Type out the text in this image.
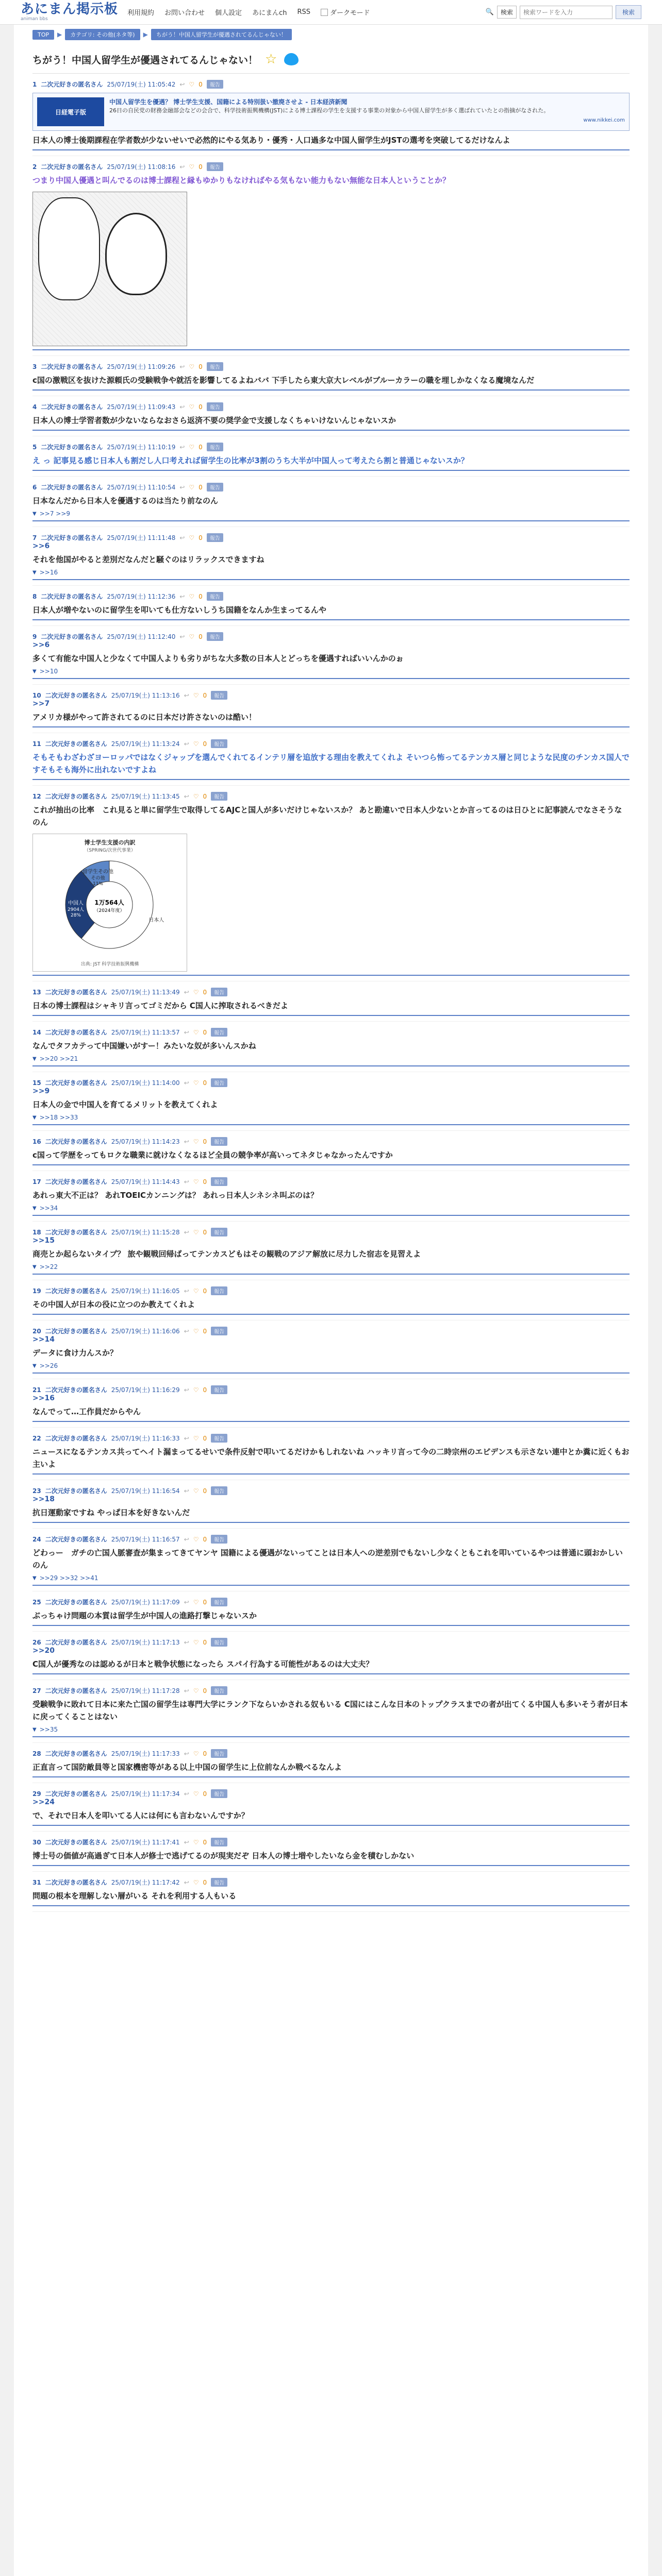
あにまん掲示板
animan bbs
利用規約 お問い合わせ 個人設定 あにまんch RSS	ダークモード	🔍	検索
検索ワードを入力	検索
TOP	▶	カテゴリ: その他(ネタ等)	▶	ちがう！中国人留学生が優遇されてるんじゃない！
ちがう！中国人留学生が優遇されてるんじゃない！ ☆
1 二次元好きの匿名さん 25/07/19(土) 11:05:42 ↩ ♡ 0	報告
日経電子版
中国人留学生を優遇？ 博士学生支援、国籍による特別扱い撤廃させよ - 日本経済新聞
26日の自民党の財務金融部会などの会合で、科学技術振興機構(JST)による博士課程の学生を支援する事業の対象から中国人留学生が多く選ばれていたとの指摘がなされた。
www.nikkei.com
日本人の博士後期課程在学者数が少ないせいで必然的にやる気あり・優秀・人口過多な中国人留学生がJSTの選考を突破してるだけなんよ
2 二次元好きの匿名さん 25/07/19(土) 11:08:16 ↩ ♡ 0	報告
つまり中国人優遇と叫んでるのは博士課程と縁もゆかりもなければやる気もない能力もない無能な日本人ということか？
3 二次元好きの匿名さん 25/07/19(土) 11:09:26 ↩ ♡ 0	報告
c国の激戦区を抜けた源頼氏の受験戦争や就活を影響してるよねババ 下手したら東大京大レベルがブルーカラーの職を埋しかなくなる魔境なんだ
4 二次元好きの匿名さん 25/07/19(土) 11:09:43 ↩ ♡ 0	報告
日本人の博士学習者数が少ないならなおさら返済不要の奨学金で支援しなくちゃいけないんじゃないスか
5 二次元好きの匿名さん 25/07/19(土) 11:10:19 ↩ ♡ 0	報告
え っ 記事見る感じ日本人も割だし人口考えれば留学生の比率が3割のうち大半が中国人って考えたら割と普通じゃないスか？
6 二次元好きの匿名さん 25/07/19(土) 11:10:54 ↩ ♡ 0	報告
日本なんだから日本人を優遇するのは当たり前なのん
▼ >>7 >>9
7 二次元好きの匿名さん 25/07/19(土) 11:11:48 ↩ ♡ 0	報告
>>6
それを他国がやると差別だなんだと騒ぐのはリラックスできますね
▼ >>16
8 二次元好きの匿名さん 25/07/19(土) 11:12:36 ↩ ♡ 0	報告
日本人が増やないのに留学生を叩いても仕方ないしうち国籍をなんか生まってるんや
9 二次元好きの匿名さん 25/07/19(土) 11:12:40 ↩ ♡ 0	報告
>>6
多くて有能な中国人と少なくて中国人よりも劣りがちな大多数の日本人とどっちを優遇すればいいんかのぉ
▼ >>10
10 二次元好きの匿名さん 25/07/19(土) 11:13:16 ↩ ♡ 0	報告
>>7
アメリカ様がやって許されてるのに日本だけ許さないのは酷い！
11 二次元好きの匿名さん 25/07/19(土) 11:13:24 ↩ ♡ 0	報告
そもそもわざわざヨーロッパではなくジャップを選んでくれてるインテリ層を追放する理由を教えてくれよ そいつら怖ってるテンカス層と同じような民度のチンカス国人ですそもそも海外に出れないですよね
12 二次元好きの匿名さん 25/07/19(土) 11:13:45 ↩ ♡ 0	報告
これが抽出の比率　これ見ると単に留学生で取得してるAJCと国人が多いだけじゃないスか？ あと勘違いで日本人少ないとか言ってるのは日ひとに記事読んでなさそうなのん
博士学生支援の内訳
（SPRING/次世代事業）
日本人
中国人
2904人
28%
留学生その他
その他
11%
1万564人
（2024年度）
出典: JST 科学技術振興機構
13 二次元好きの匿名さん 25/07/19(土) 11:13:49 ↩ ♡ 0	報告
日本の博士課程はシャキリ言ってゴミだから C国人に搾取されるべきだよ
14 二次元好きの匿名さん 25/07/19(土) 11:13:57 ↩ ♡ 0	報告
なんでタフカテって中国嫌いがすー！みたいな奴が多いんスかね
▼ >>20 >>21
15 二次元好きの匿名さん 25/07/19(土) 11:14:00 ↩ ♡ 0	報告
>>9
日本人の金で中国人を育てるメリットを教えてくれよ
▼ >>18 >>33
16 二次元好きの匿名さん 25/07/19(土) 11:14:23 ↩ ♡ 0	報告
c国って学歴をってもロクな職業に就けなくなるほど全員の競争率が高いってネタじゃなかったんですか
17 二次元好きの匿名さん 25/07/19(土) 11:14:43 ↩ ♡ 0	報告
あれっ東大不正は？ あれTOEICカンニングは？ あれっ日本人シネシネ叫ぶのは？
▼ >>34
18 二次元好きの匿名さん 25/07/19(土) 11:15:28 ↩ ♡ 0	報告
>>15
商売とか起らないタイプ？ 旅や観戦回帰ばってテンカスどもはその観戦のアジア解放に尽力した宿志を見習えよ
▼ >>22
19 二次元好きの匿名さん 25/07/19(土) 11:16:05 ↩ ♡ 0	報告
その中国人が日本の役に立つのか教えてくれよ
20 二次元好きの匿名さん 25/07/19(土) 11:16:06 ↩ ♡ 0	報告
>>14
データに食け力んスか？
▼ >>26
21 二次元好きの匿名さん 25/07/19(土) 11:16:29 ↩ ♡ 0	報告
>>16
なんでって…工作員だからやん
22 二次元好きの匿名さん 25/07/19(土) 11:16:33 ↩ ♡ 0	報告
ニュースになるテンカス共ってヘイト漏まってるせいで条件反射で叩いてるだけかもしれないね ハッキリ言って今の二時宗州のエピデンスも示さない連中とか糞に近くもお主いよ
23 二次元好きの匿名さん 25/07/19(土) 11:16:54 ↩ ♡ 0	報告
>>18
抗日運動家ですね やっぱ日本を好きないんだ
24 二次元好きの匿名さん 25/07/19(土) 11:16:57 ↩ ♡ 0	報告
どわっー　ガチの亡国人脈審査が集まってきてヤンヤ 国籍による優遇がないってことは日本人への逆差別でもないし少なくともこれを叩いているやつは普通に頭おかしいのん
▼ >>29 >>32 >>41
25 二次元好きの匿名さん 25/07/19(土) 11:17:09 ↩ ♡ 0	報告
ぶっちゃけ問題の本質は留学生が中国人の進路打撃じゃないスか
26 二次元好きの匿名さん 25/07/19(土) 11:17:13 ↩ ♡ 0	報告
>>20
C国人が優秀なのは認めるが日本と戦争状態になったら スパイ行為する可能性があるのは大丈夫？
27 二次元好きの匿名さん 25/07/19(土) 11:17:28 ↩ ♡ 0	報告
受験戦争に敗れて日本に来た亡国の留学生は専門大学にランク下ならいかされる奴もいる C国にはこんな日本のトップクラスまでの者が出てくる中国人も多いそう者が日本に戻ってくることはない
▼ >>35
28 二次元好きの匿名さん 25/07/19(土) 11:17:33 ↩ ♡ 0	報告
正直言って国防敵員等と国家機密等がある以上中国の留学生に上位前なんか戦べるなんよ
29 二次元好きの匿名さん 25/07/19(土) 11:17:34 ↩ ♡ 0	報告
>>24
で、それで日本人を叩いてる人には何にも言わないんですか？
30 二次元好きの匿名さん 25/07/19(土) 11:17:41 ↩ ♡ 0	報告
博士号の価値が高過ぎて日本人が修士で逃げてるのが現実だぞ 日本人の博士増やしたいなら金を積むしかない
31 二次元好きの匿名さん 25/07/19(土) 11:17:42 ↩ ♡ 0	報告
問題の根本を理解しない層がいる それを利用する人もいる
